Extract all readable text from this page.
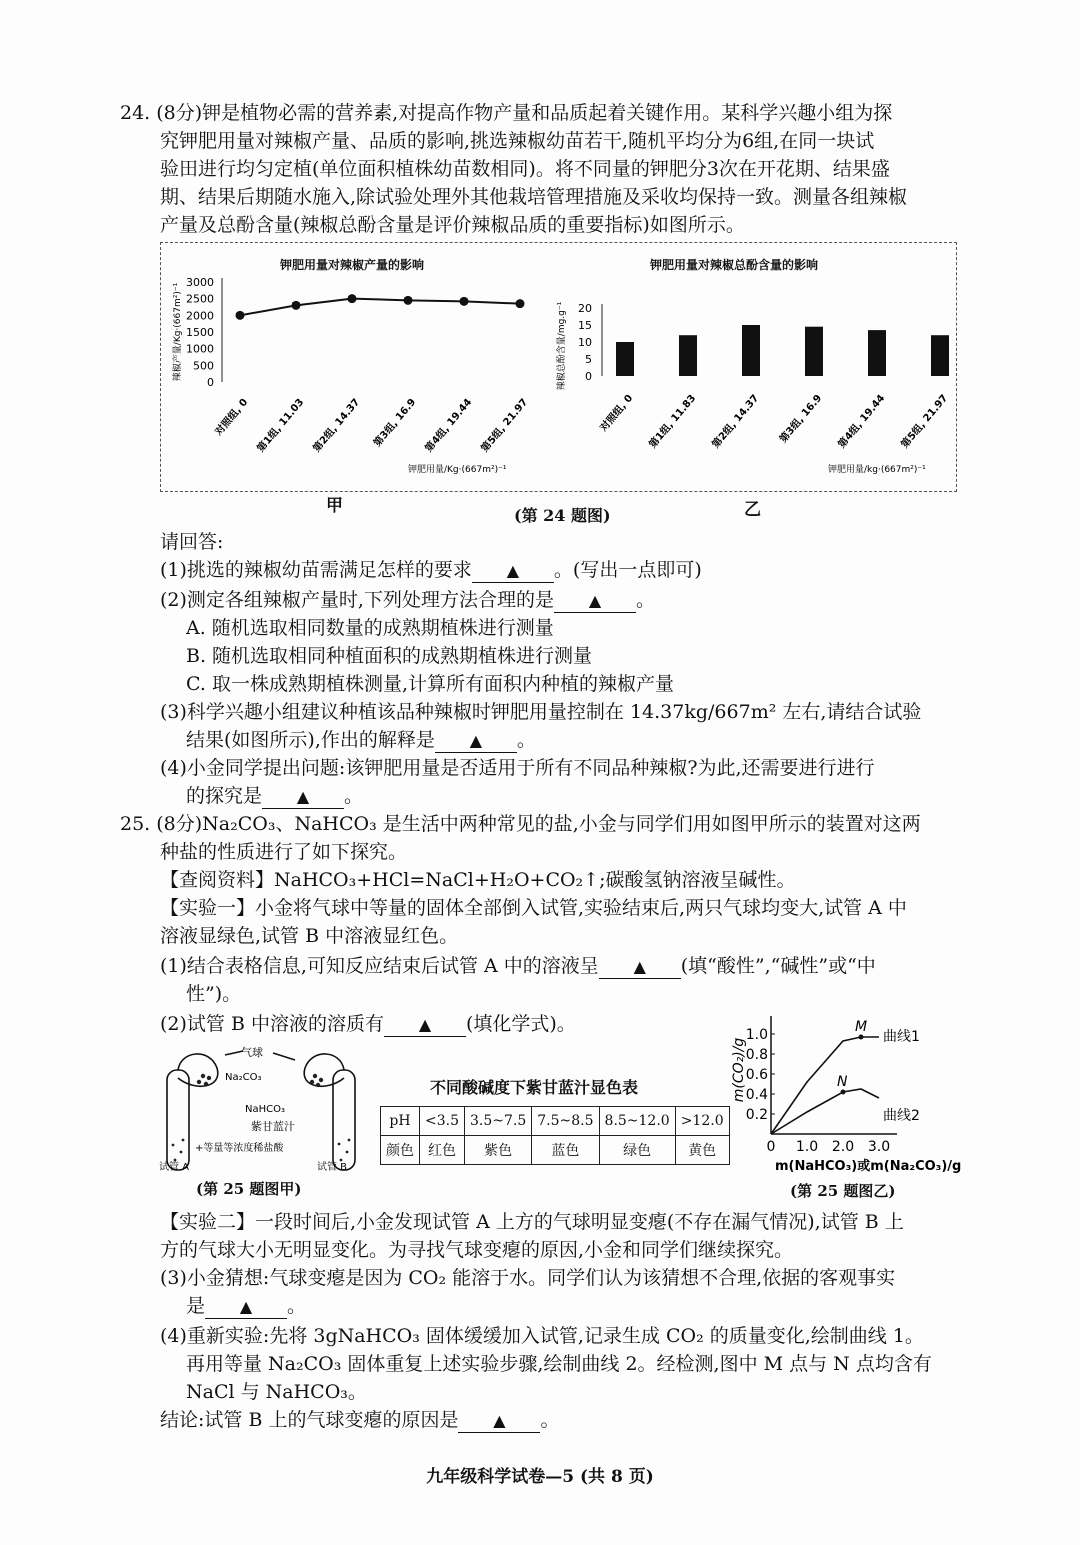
24. (8分)钾是植物必需的营养素,对提高作物产量和品质起着关键作用。某科学兴趣小组为探
究钾肥用量对辣椒产量、品质的影响,挑选辣椒幼苗若干,随机平均分为6组,在同一块试
验田进行均匀定植(单位面积植株幼苗数相同)。将不同量的钾肥分3次在开花期、结果盛
期、结果后期随水施入,除试验处理外其他栽培管理措施及采收均保持一致。测量各组辣椒
产量及总酚含量(辣椒总酚含量是评价辣椒品质的重要指标)如图所示。
钾肥用量对辣椒产量的影响
3000
2500
2000
1500
1000
500
0
对照组, 0 第1组, 11.03 第2组, 14.37 第3组, 16.9 第4组, 19.44 第5组, 21.97
辣椒产量/Kg·(667m²)⁻¹
钾肥用量/Kg·(667m²)⁻¹
钾肥用量对辣椒总酚含量的影响
20
15
10
5
0
对照组, 0 第1组, 11.83 第2组, 14.37 第3组, 16.9 第4组, 19.44 第5组, 21.97
辣椒总酚含量/mg.g⁻¹
钾肥用量/kg·(667m²)⁻¹
甲	(第 24 题图)	乙
请回答:
(1)挑选的辣椒幼苗需满足怎样的要求 ▲ 。(写出一点即可)
(2)测定各组辣椒产量时,下列处理方法合理的是 ▲ 。
A. 随机选取相同数量的成熟期植株进行测量
B. 随机选取相同种植面积的成熟期植株进行测量
C. 取一株成熟期植株测量,计算所有面积内种植的辣椒产量
(3)科学兴趣小组建议种植该品种辣椒时钾肥用量控制在 14.37kg/667m² 左右,请结合试验
结果(如图所示),作出的解释是 ▲ 。
(4)小金同学提出问题:该钾肥用量是否适用于所有不同品种辣椒?为此,还需要进行进行
的探究是 ▲ 。
25. (8分)Na₂CO₃、NaHCO₃ 是生活中两种常见的盐,小金与同学们用如图甲所示的装置对这两
种盐的性质进行了如下探究。
【查阅资料】NaHCO₃+HCl=NaCl+H₂O+CO₂↑;碳酸氢钠溶液呈碱性。
【实验一】小金将气球中等量的固体全部倒入试管,实验结束后,两只气球均变大,试管 A 中
溶液显绿色,试管 B 中溶液显红色。
(1)结合表格信息,可知反应结束后试管 A 中的溶液呈 ▲ (填“酸性”,“碱性”或“中
性”)。
(2)试管 B 中溶液的溶质有 ▲ (填化学式)。
气球
Na₂CO₃
NaHCO₃
紫甘蓝汁
+等量等浓度稀盐酸
试管 A	试管 B
(第 25 题图甲)
不同酸碱度下紫甘蓝汁显色表
pH	<3.5	3.5~7.5	7.5~8.5	8.5~12.0	>12.0
颜色	红色	紫色	蓝色	绿色	黄色
1.0
0.8
0.6
0.4
0.2
0 1.0 2.0 3.0
M
曲线1
N
曲线2
m(CO₂)/g
m(NaHCO₃)或m(Na₂CO₃)/g
(第 25 题图乙)
【实验二】一段时间后,小金发现试管 A 上方的气球明显变瘪(不存在漏气情况),试管 B 上
方的气球大小无明显变化。为寻找气球变瘪的原因,小金和同学们继续探究。
(3)小金猜想:气球变瘪是因为 CO₂ 能溶于水。同学们认为该猜想不合理,依据的客观事实
是 ▲ 。
(4)重新实验:先将 3gNaHCO₃ 固体缓缓加入试管,记录生成 CO₂ 的质量变化,绘制曲线 1。
再用等量 Na₂CO₃ 固体重复上述实验步骤,绘制曲线 2。经检测,图中 M 点与 N 点均含有
NaCl 与 NaHCO₃。
结论:试管 B 上的气球变瘪的原因是 ▲ 。
九年级科学试卷—5 (共 8 页)
